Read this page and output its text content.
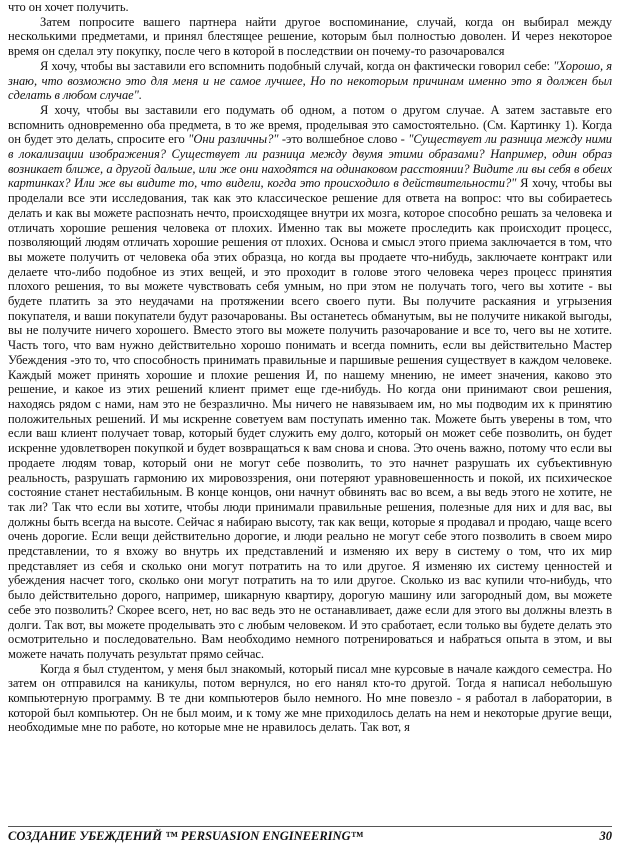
что он хочет получить.

Затем попросите вашего партнера найти другое воспоминание, случай, когда он выбирал между несколькими предметами, и принял блестящее решение, которым был полностью доволен. И через некоторое время он сделал эту покупку, после чего в которой в последствии он почему-то разочаровался

Я хочу, чтобы вы заставили его вспомнить подобный случай, когда он фактически говорил себе: "Хорошо, я знаю, что возможно это для меня и не самое лучшее, Но по некоторым причинам именно это я должен был сделать в любом случае".

Я хочу, чтобы вы заставили его подумать об одном, а потом о другом случае. А затем заставьте его вспомнить одновременно оба предмета, в то же время, проделывая это самостоятельно. (См. Картинку 1). Когда он будет это делать, спросите его "Они различны?" -это волшебное слово - "Существует ли разница между ними в локализации изображения? Существует ли разница между двумя этими образами? Например, один образ возникает ближе, а другой дальше, или же они находятся на одинаковом расстоянии? Видите ли вы себя в обеих картинках? Или же вы видите то, что видели, когда это происходило в действительности?" Я хочу, чтобы вы проделали все эти исследования, так как это классическое решение для ответа на вопрос: что вы собираетесь делать и как вы можете распознать нечто, происходящее внутри их мозга, которое способно решать за человека и отличать хорошие решения человека от плохих. Именно так вы можете проследить как происходит процесс, позволяющий людям отличать хорошие решения от плохих. Основа и смысл этого приема заключается в том, что вы можете получить от человека оба этих образца, но когда вы продаете что-нибудь, заключаете контракт или делаете что-либо подобное из этих вещей, и это проходит в голове этого человека через процесс принятия плохого решения, то вы можете чувствовать себя умным, но при этом не получать того, чего вы хотите - вы будете платить за это неудачами на протяжении всего своего пути. Вы получите раскаяния и угрызения покупателя, и ваши покупатели будут разочарованы. Вы останетесь обманутым, вы не получите никакой выгоды, вы не получите ничего хорошего. Вместо этого вы можете получить разочарование и все то, чего вы не хотите. Часть того, что вам нужно действительно хорошо понимать и всегда помнить, если вы действительно Мастер Убеждения -это то, что способность принимать правильные и паршивые решения существует в каждом человеке. Каждый может принять хорошие и плохие решения И, по нашему мнению, не имеет значения, каково это решение, и какое из этих решений клиент примет еще где-нибудь. Но когда они принимают свои решения, находясь рядом с нами, нам это не безразлично. Мы ничего не навязываем им, но мы подводим их к принятию положительных решений. И мы искренне советуем вам поступать именно так. Можете быть уверены в том, что если ваш клиент получает товар, который будет служить ему долго, который он может себе позволить, он будет искренне удовлетворен покупкой и будет возвращаться к вам снова и снова. Это очень важно, потому что если вы продаете людям товар, который они не могут себе позволить, то это начнет разрушать их субъективную реальность, разрушать гармонию их мировоззрения, они потеряют уравновешенность и покой, их психическое состояние станет нестабильным. В конце концов, они начнут обвинять вас во всем, а вы ведь этого не хотите, не так ли? Так что если вы хотите, чтобы люди принимали правильные решения, полезные для них и для вас, вы должны быть всегда на высоте. Сейчас я набираю высоту, так как вещи, которые я продавал и продаю, чаще всего очень дорогие. Если вещи действительно дорогие, и люди реально не могут себе этого позволить в своем миро представлении, то я вхожу во внутрь их представлений и изменяю их веру в систему о том, что их мир представляет из себя и сколько они могут потратить на то или другое. Я изменяю их систему ценностей и убеждения насчет того, сколько они могут потратить на то или другое. Сколько из вас купили что-нибудь, что было действительно дорого, например, шикарную квартиру, дорогую машину или загородный дом, вы можете себе это позволить? Скорее всего, нет, но вас ведь это не останавливает, даже если для этого вы должны влезть в долги. Так вот, вы можете проделывать это с любым человеком. И это сработает, если только вы будете делать это осмотрительно и последовательно. Вам необходимо немного потренироваться и набраться опыта в этом, и вы можете начать получать результат прямо сейчас.

Когда я был студентом, у меня был знакомый, который писал мне курсовые в начале каждого семестра. Но затем он отправился на каникулы, потом вернулся, но его нанял кто-то другой. Тогда я написал небольшую компьютерную программу. В те дни компьютеров было немного. Но мне повезло - я работал в лаборатории, в которой был компьютер. Он не был моим, и к тому же мне приходилось делать на нем и некоторые другие вещи, необходимые мне по работе, но которые мне не нравилось делать. Так вот, я

СОЗДАНИЕ УБЕЖДЕНИЙ ™ PERSUASION ENGINEERING™	30
